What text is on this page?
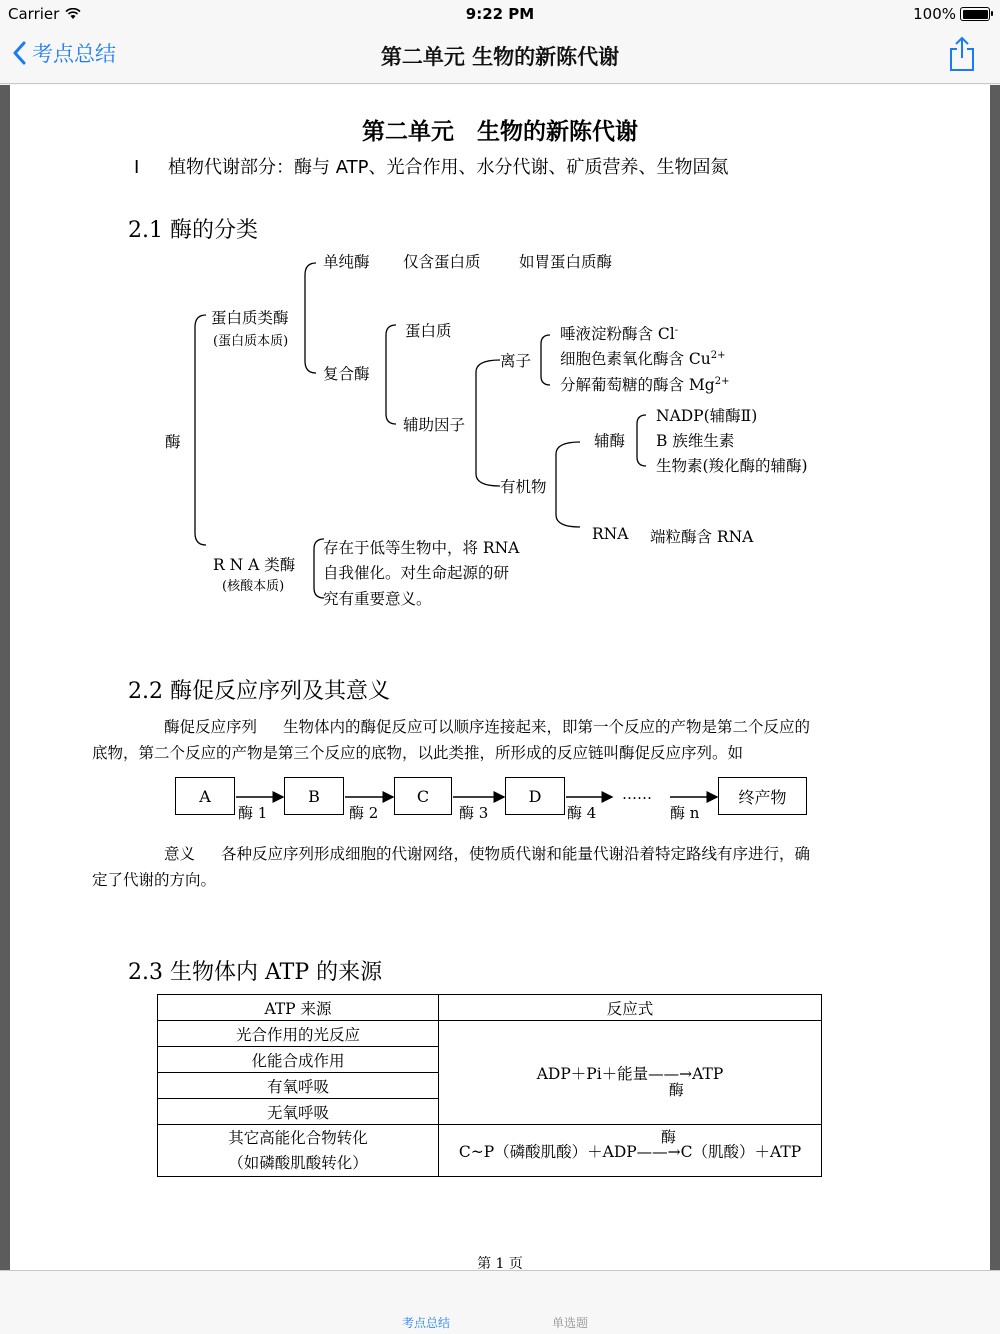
Carrier	9:22 PM	100%
考点总结	第二单元 生物的新陈代谢
第二单元　生物的新陈代谢
Ⅰ 植物代谢部分：酶与 ATP、光合作用、水分代谢、矿质营养、生物固氮
2.1 酶的分类
酶
蛋白质类酶
(蛋白质本质)
单纯酶 仅含蛋白质 如胃蛋白质酶
复合酶
蛋白质
辅助因子
离子
唾液淀粉酶含 Cl-
细胞色素氧化酶含 $Cu^{2+}$
分解葡萄糖的酶含 $Mg^{2+}$
有机物
辅酶
NADP(辅酶Ⅱ)
B 族维生素
生物素(羧化酶的辅酶)
RNA 端粒酶含 RNA
R N A 类酶
(核酸本质)
存在于低等生物中，将 RNA
自我催化。对生命起源的研
究有重要意义。
2.2 酶促反应序列及其意义
酶促反应序列 生物体内的酶促反应可以顺序连接起来，即第一个反应的产物是第二个反应的
底物，第二个反应的产物是第三个反应的底物，以此类推，所形成的反应链叫酶促反应序列。如
A	B	C	D	终产物
酶 1	酶 2	酶 3	酶 4
……
酶 n
意义 各种反应序列形成细胞的代谢网络，使物质代谢和能量代谢沿着特定路线有序进行，确
定了代谢的方向。
2.3 生物体内 ATP 的来源
ATP 来源	反应式
光合作用的光反应	ADP＋Pi＋能量——→ATP
酶

化能合成作用	
有氧呼吸	
无氧呼吸	
其它高能化合物转化
（如磷酸肌酸转化）	C~P（磷酸肌酸）＋ADP——→C（肌酸）＋ATP
酶
第 1 页
考点总结	单选题
